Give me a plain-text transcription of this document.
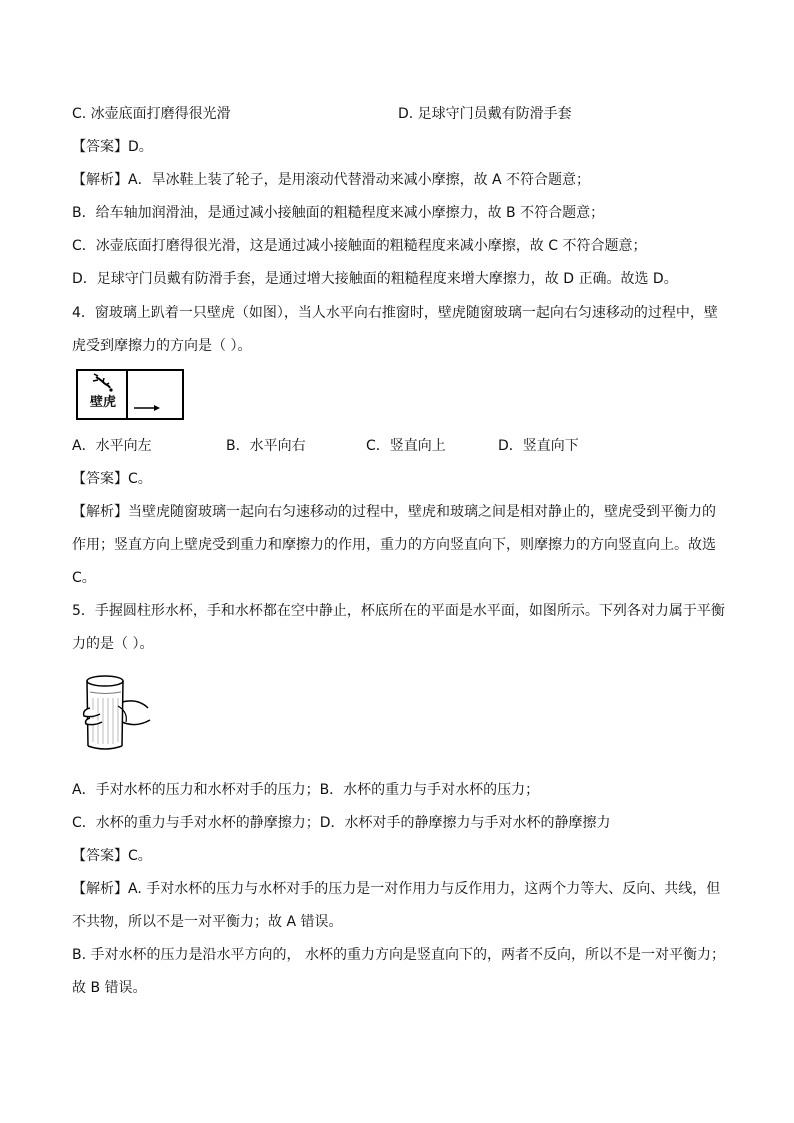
C. 冰壶底面打磨得很光滑	D. 足球守门员戴有防滑手套
【答案】D。
【解析】A．旱冰鞋上装了轮子，是用滚动代替滑动来减小摩擦，故 A 不符合题意；
B．给车轴加润滑油，是通过减小接触面的粗糙程度来减小摩擦力，故 B 不符合题意；
C．冰壶底面打磨得很光滑，这是通过减小接触面的粗糙程度来减小摩擦，故 C 不符合题意；
D．足球守门员戴有防滑手套，是通过增大接触面的粗糙程度来增大摩擦力，故 D 正确。故选 D。
4．窗玻璃上趴着一只壁虎（如图），当人水平向右推窗时，壁虎随窗玻璃一起向右匀速移动的过程中，壁
虎受到摩擦力的方向是（ ）。
壁虎
A．水平向左	B．水平向右	C．竖直向上	D．竖直向下
【答案】C。
【解析】当壁虎随窗玻璃一起向右匀速移动的过程中，壁虎和玻璃之间是相对静止的，壁虎受到平衡力的
作用；竖直方向上壁虎受到重力和摩擦力的作用，重力的方向竖直向下，则摩擦力的方向竖直向上。故选
C。
5．手握圆柱形水杯，手和水杯都在空中静止，杯底所在的平面是水平面，如图所示。下列各对力属于平衡
力的是（ ）。
A．手对水杯的压力和水杯对手的压力；B．水杯的重力与手对水杯的压力；
C．水杯的重力与手对水杯的静摩擦力；D．水杯对手的静摩擦力与手对水杯的静摩擦力
【答案】C。
【解析】A. 手对水杯的压力与水杯对手的压力是一对作用力与反作用力，这两个力等大、反向、共线，但
不共物，所以不是一对平衡力；故 A 错误。
B. 手对水杯的压力是沿水平方向的， 水杯的重力方向是竖直向下的，两者不反向，所以不是一对平衡力；
故 B 错误。
